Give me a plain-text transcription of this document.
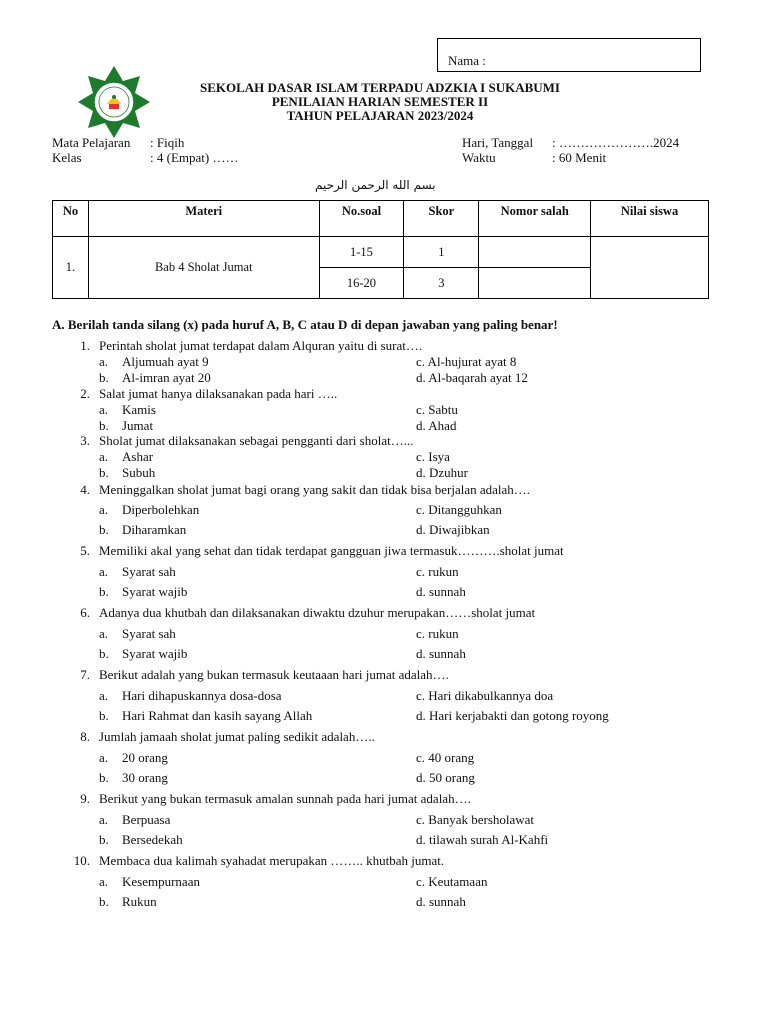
Nama :
SEKOLAH DASAR ISLAM TERPADU ADZKIA I SUKABUMI
PENILAIAN HARIAN SEMESTER II
TAHUN PELAJARAN 2023/2024
Mata Pelajaran : Fiqih
Kelas	: 4 (Empat) ……
Hari, Tanggal : ………………….2024
Waktu	: 60 Menit
بسم الله الرحمن الرحيم
No	Materi	No.soal	Skor	Nomor salah	Nilai siswa
1.	Bab 4 Sholat Jumat	1-15	1		
		16-20	3		
A. Berilah tanda silang (x) pada huruf A, B, C atau D di depan jawaban yang paling benar!
1. Perintah sholat jumat terdapat dalam Alquran yaitu di surat….
a. Aljumuah ayat 9	c. Al-hujurat ayat 8
b. Al-imran ayat 20	d. Al-baqarah ayat 12
2. Salat jumat hanya dilaksanakan pada hari …..
a. Kamis	c. Sabtu
b. Jumat	d. Ahad
3. Sholat jumat dilaksanakan sebagai pengganti dari sholat…...
a. Ashar	c. Isya
b. Subuh	d. Dzuhur
4. Meninggalkan sholat jumat bagi orang yang sakit dan tidak bisa berjalan adalah….
a. Diperbolehkan	c. Ditangguhkan
b. Diharamkan	d. Diwajibkan
5. Memiliki akal yang sehat dan tidak terdapat gangguan jiwa termasuk……….sholat jumat
a. Syarat sah	c. rukun
b. Syarat wajib	d. sunnah
6. Adanya dua khutbah dan dilaksanakan diwaktu dzuhur merupakan……sholat jumat
a. Syarat sah	c. rukun
b. Syarat wajib	d. sunnah
7. Berikut adalah yang bukan termasuk keutaaan hari jumat adalah….
a. Hari dihapuskannya dosa-dosa	c. Hari dikabulkannya doa
b. Hari Rahmat dan kasih sayang Allah	d. Hari kerjabakti dan gotong royong
8. Jumlah jamaah sholat jumat paling sedikit adalah…..
a. 20 orang	c. 40 orang
b. 30 orang	d. 50 orang
9. Berikut yang bukan termasuk amalan sunnah pada hari jumat adalah….
a. Berpuasa	c. Banyak bersholawat
b. Bersedekah	d. tilawah surah Al-Kahfi
10. Membaca dua kalimah syahadat merupakan …….. khutbah jumat.
a. Kesempurnaan	c. Keutamaan
b. Rukun	d. sunnah
